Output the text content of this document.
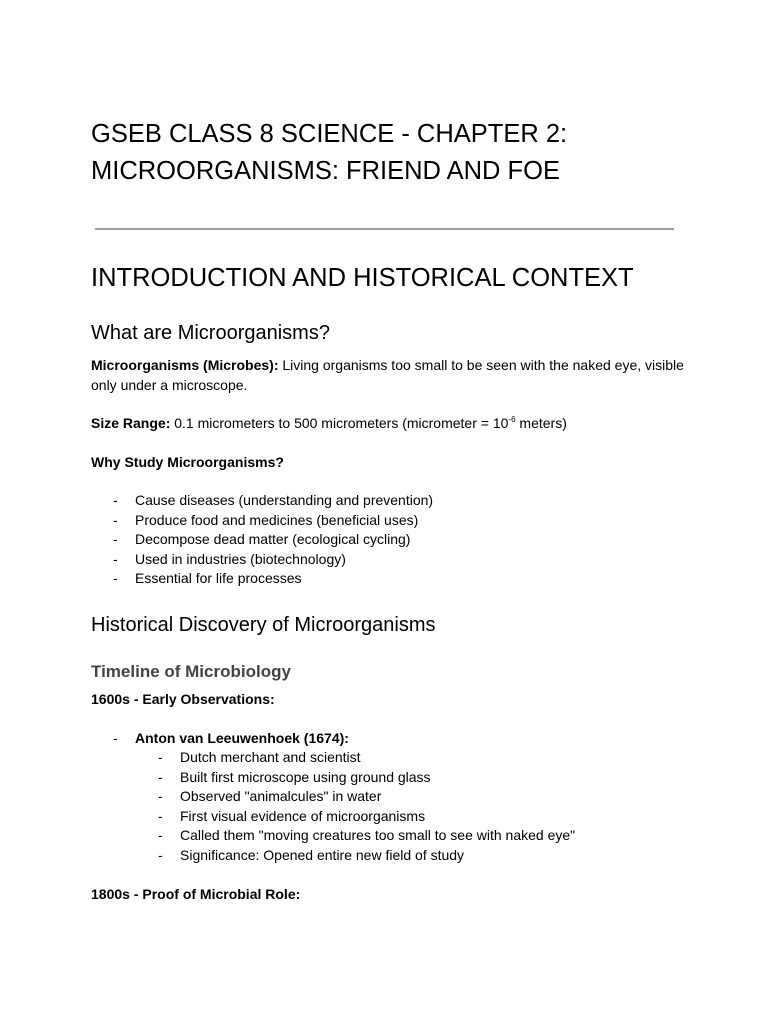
GSEB CLASS 8 SCIENCE - CHAPTER 2:
MICROORGANISMS: FRIEND AND FOE
INTRODUCTION AND HISTORICAL CONTEXT
What are Microorganisms?

Microorganisms (Microbes): Living organisms too small to be seen with the naked eye, visible only under a microscope.

Size Range: 0.1 micrometers to 500 micrometers (micrometer = $10^{-6}$ meters)

Why Study Microorganisms?

- Cause diseases (understanding and prevention)
- Produce food and medicines (beneficial uses)
- Decompose dead matter (ecological cycling)
- Used in industries (biotechnology)
- Essential for life processes
Historical Discovery of Microorganisms
Timeline of Microbiology

1600s - Early Observations:

- Anton van Leeuwenhoek (1674):
- Dutch merchant and scientist
- Built first microscope using ground glass
- Observed "animalcules" in water
- First visual evidence of microorganisms
- Called them "moving creatures too small to see with naked eye"
- Significance: Opened entire new field of study

1800s - Proof of Microbial Role:
